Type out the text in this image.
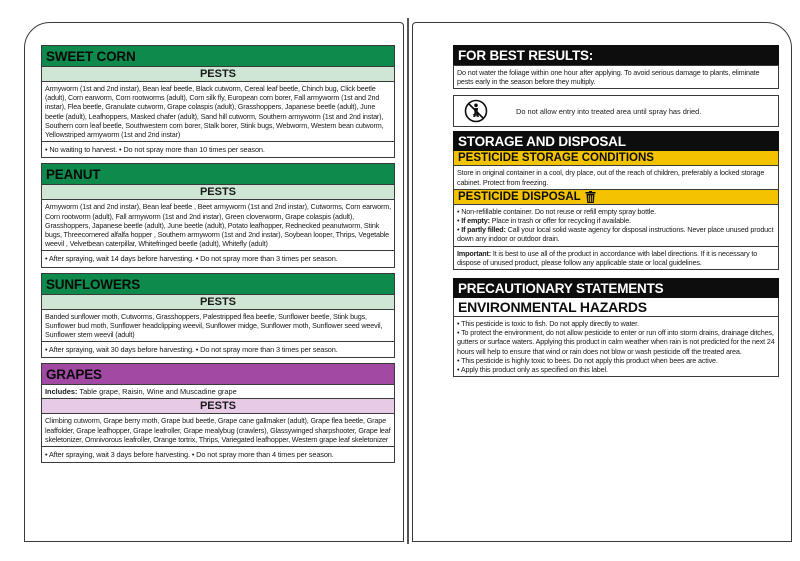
SWEET CORN
PESTS
Armyworm (1st and 2nd instar), Bean leaf beetle, Black cutworm, Cereal leaf beetle, Chinch bug, Click beetle (adult), Corn earworm, Corn rootworms (adult), Corn silk fly, European corn borer, Fall armyworm (1st and 2nd instar), Flea beetle, Granulate cutworm, Grape colaspis (adult), Grasshoppers, Japanese beetle (adult), June beetle (adult), Leafhoppers, Masked chafer (adult), Sand hill cutworm, Southern armyworm (1st and 2nd instar), Southern corn leaf beetle, Southwestern corn borer, Stalk borer, Stink bugs, Webworm, Western bean cutworm, Yellowstriped armyworm (1st and 2nd instar)
• No waiting to harvest. • Do not spray more than 10 times per season.
PEANUT
PESTS
Armyworm (1st and 2nd instar), Bean leaf beetle , Beet armyworm (1st and 2nd instar), Cutworms, Corn earworm, Corn rootworm (adult), Fall armyworm (1st and 2nd instar), Green cloverworm, Grape colaspis (adult), Grasshoppers, Japanese beetle (adult), June beetle (adult), Potato leafhopper, Rednecked peanutworm, Stink bugs, Threecornered alfalfa hopper , Southern armyworm (1st and 2nd instar), Soybean looper, Thrips, Vegetable weevil , Velvetbean caterpillar, Whitefringed beetle (adult), Whitefly (adult)
• After spraying, wait 14 days before harvesting. • Do not spray more than 3 times per season.
SUNFLOWERS
PESTS
Banded sunflower moth, Cutworms, Grasshoppers, Palestripped flea beetle, Sunflower beetle, Stink bugs, Sunflower bud moth, Sunflower headclipping weevil, Sunflower midge, Sunflower moth, Sunflower seed weevil, Sunflower stem weevil (adult)
• After spraying, wait 30 days before harvesting. • Do not spray more than 3 times per season.
GRAPES
Includes: Table grape, Raisin, Wine and Muscadine grape
PESTS
Climbing cutworm, Grape berry moth, Grape bud beetle, Grape cane gallmaker (adult), Grape flea beetle, Grape leaffolder, Grape leafhopper, Grape leafroller, Grape mealybug (crawlers), Glassywinged sharpshooter, Grape leaf skeletonizer, Omnivorous leafroller, Orange tortrix, Thrips, Variegated leafhopper, Western grape leaf skeletonizer
• After spraying, wait 3 days before harvesting. • Do not spray more than 4 times per season.
FOR BEST RESULTS:
Do not water the foliage within one hour after applying. To avoid serious damage to plants, eliminate pests early in the season before they multiply.
Do not allow entry into treated area until spray has dried.
STORAGE AND DISPOSAL
PESTICIDE STORAGE CONDITIONS
Store in original container in a cool, dry place, out of the reach of children, preferably a locked storage cabinet. Protect from freezing.
PESTICIDE DISPOSAL
• Non-refillable container. Do not reuse or refill empty spray bottle.
• If empty: Place in trash or offer for recycling if available.
• If partly filled: Call your local solid waste agency for disposal instructions. Never place unused product down any indoor or outdoor drain.
Important: It is best to use all of the product in accordance with label directions. If it is necessary to dispose of unused product, please follow any applicable state or local guidelines.
PRECAUTIONARY STATEMENTS
ENVIRONMENTAL HAZARDS
• This pesticide is toxic to fish. Do not apply directly to water.
• To protect the environment, do not allow pesticide to enter or run off into storm drains, drainage ditches, gutters or surface waters. Applying this product in calm weather when rain is not predicted for the next 24 hours will help to ensure that wind or rain does not blow or wash pesticide off the treated area.
• This pesticide is highly toxic to bees. Do not apply this product when bees are active.
• Apply this product only as specified on this label.
